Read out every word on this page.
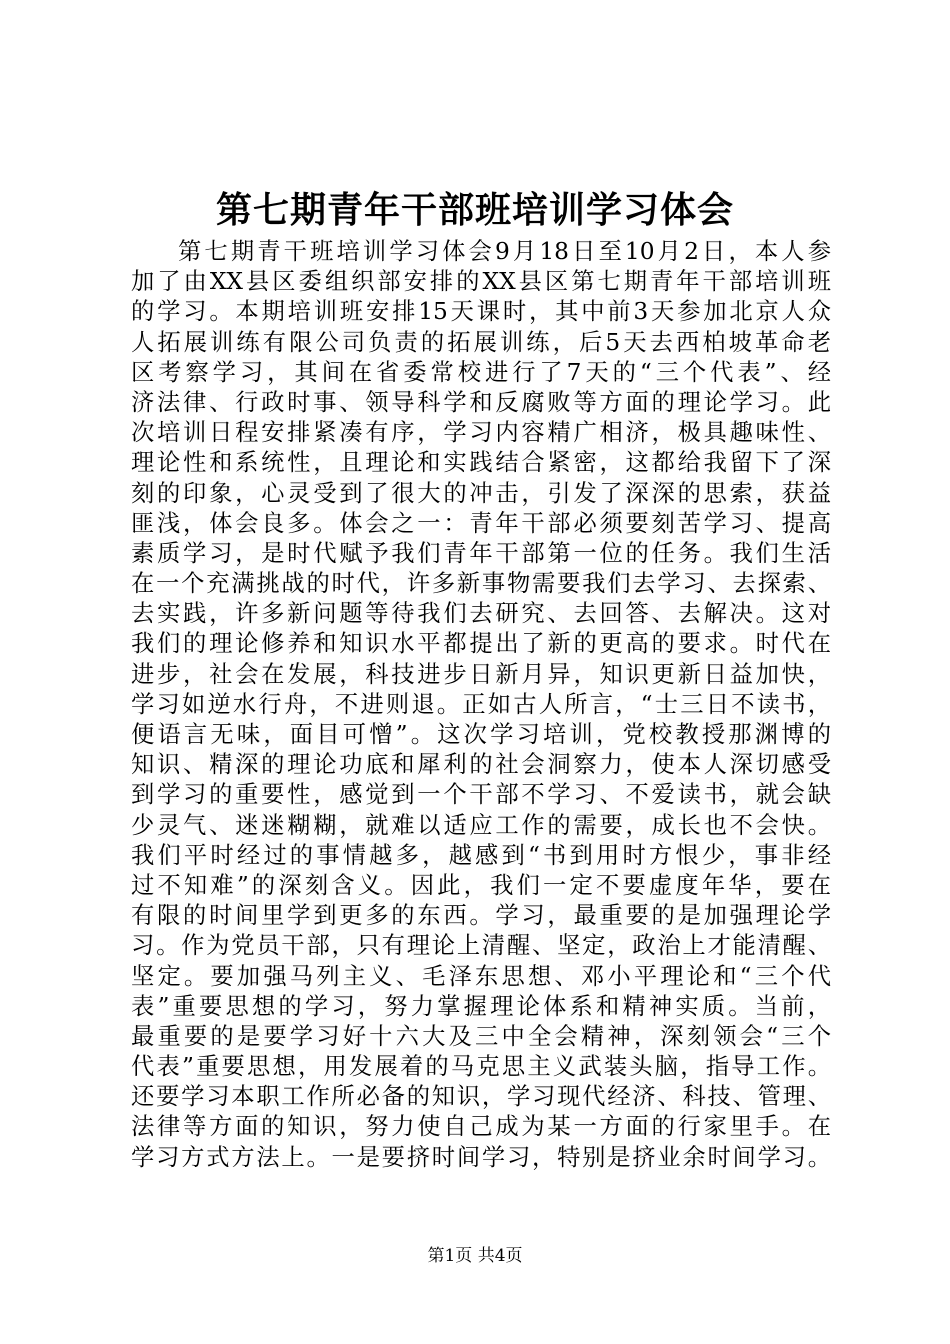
第七期青年干部班培训学习体会
第七期青干班培训学习体会9月18日至10月2日，本人参
加了由XX县区委组织部安排的XX县区第七期青年干部培训班
的学习。本期培训班安排15天课时，其中前3天参加北京人众
人拓展训练有限公司负责的拓展训练，后5天去西柏坡革命老
区考察学习，其间在省委常校进行了7天的“三个代表”、经
济法律、行政时事、领导科学和反腐败等方面的理论学习。此
次培训日程安排紧凑有序，学习内容精广相济，极具趣味性、
理论性和系统性，且理论和实践结合紧密，这都给我留下了深
刻的印象，心灵受到了很大的冲击，引发了深深的思索，获益
匪浅，体会良多。体会之一：青年干部必须要刻苦学习、提高
素质学习，是时代赋予我们青年干部第一位的任务。我们生活
在一个充满挑战的时代，许多新事物需要我们去学习、去探索、
去实践，许多新问题等待我们去研究、去回答、去解决。这对
我们的理论修养和知识水平都提出了新的更高的要求。时代在
进步，社会在发展，科技进步日新月异，知识更新日益加快，
学习如逆水行舟，不进则退。正如古人所言，“士三日不读书，
便语言无味，面目可憎”。这次学习培训，党校教授那渊博的
知识、精深的理论功底和犀利的社会洞察力，使本人深切感受
到学习的重要性，感觉到一个干部不学习、不爱读书，就会缺
少灵气、迷迷糊糊，就难以适应工作的需要，成长也不会快。
我们平时经过的事情越多，越感到“书到用时方恨少，事非经
过不知难”的深刻含义。因此，我们一定不要虚度年华，要在
有限的时间里学到更多的东西。学习，最重要的是加强理论学
习。作为党员干部，只有理论上清醒、坚定，政治上才能清醒、
坚定。要加强马列主义、毛泽东思想、邓小平理论和“三个代
表”重要思想的学习，努力掌握理论体系和精神实质。当前，
最重要的是要学习好十六大及三中全会精神，深刻领会“三个
代表”重要思想，用发展着的马克思主义武装头脑，指导工作。
还要学习本职工作所必备的知识，学习现代经济、科技、管理、
法律等方面的知识，努力使自己成为某一方面的行家里手。在
学习方式方法上。一是要挤时间学习，特别是挤业余时间学习。
第1页 共4页
